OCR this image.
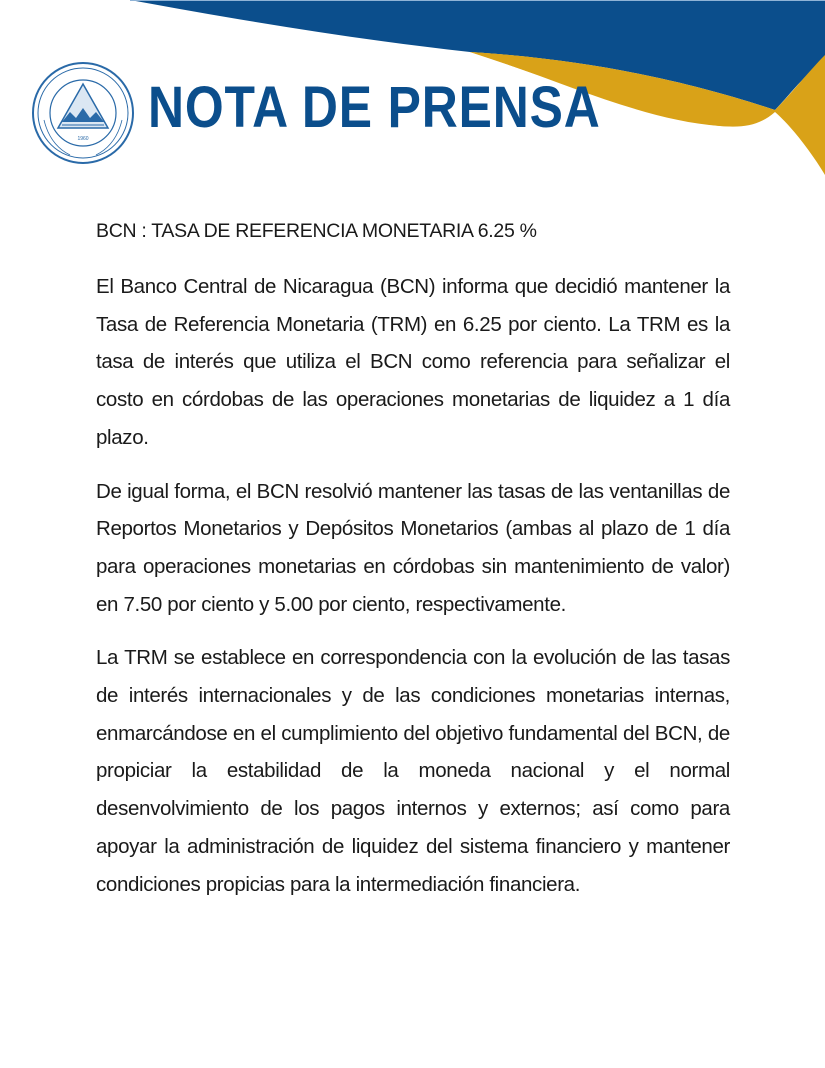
1960 NOTA DE PRENSA
BCN : TASA DE REFERENCIA MONETARIA 6.25 %

El Banco Central de Nicaragua (BCN) informa que decidió mantener la Tasa de Referencia Monetaria (TRM) en 6.25 por ciento. La TRM es la tasa de interés que utiliza el BCN como referencia para señalizar el costo en córdobas de las operaciones monetarias de liquidez a 1 día plazo.

De igual forma, el BCN resolvió mantener las tasas de las ventanillas de Reportos Monetarios y Depósitos Monetarios (ambas al plazo de 1 día para operaciones monetarias en córdobas sin mantenimiento de valor) en 7.50 por ciento y 5.00 por ciento, respectivamente.

La TRM se establece en correspondencia con la evolución de las tasas de interés internacionales y de las condiciones monetarias internas, enmarcándose en el cumplimiento del objetivo fundamental del BCN, de propiciar la estabilidad de la moneda nacional y el normal desenvolvimiento de los pagos internos y externos; así como para apoyar la administración de liquidez del sistema financiero y mantener condiciones propicias para la intermediación financiera.
